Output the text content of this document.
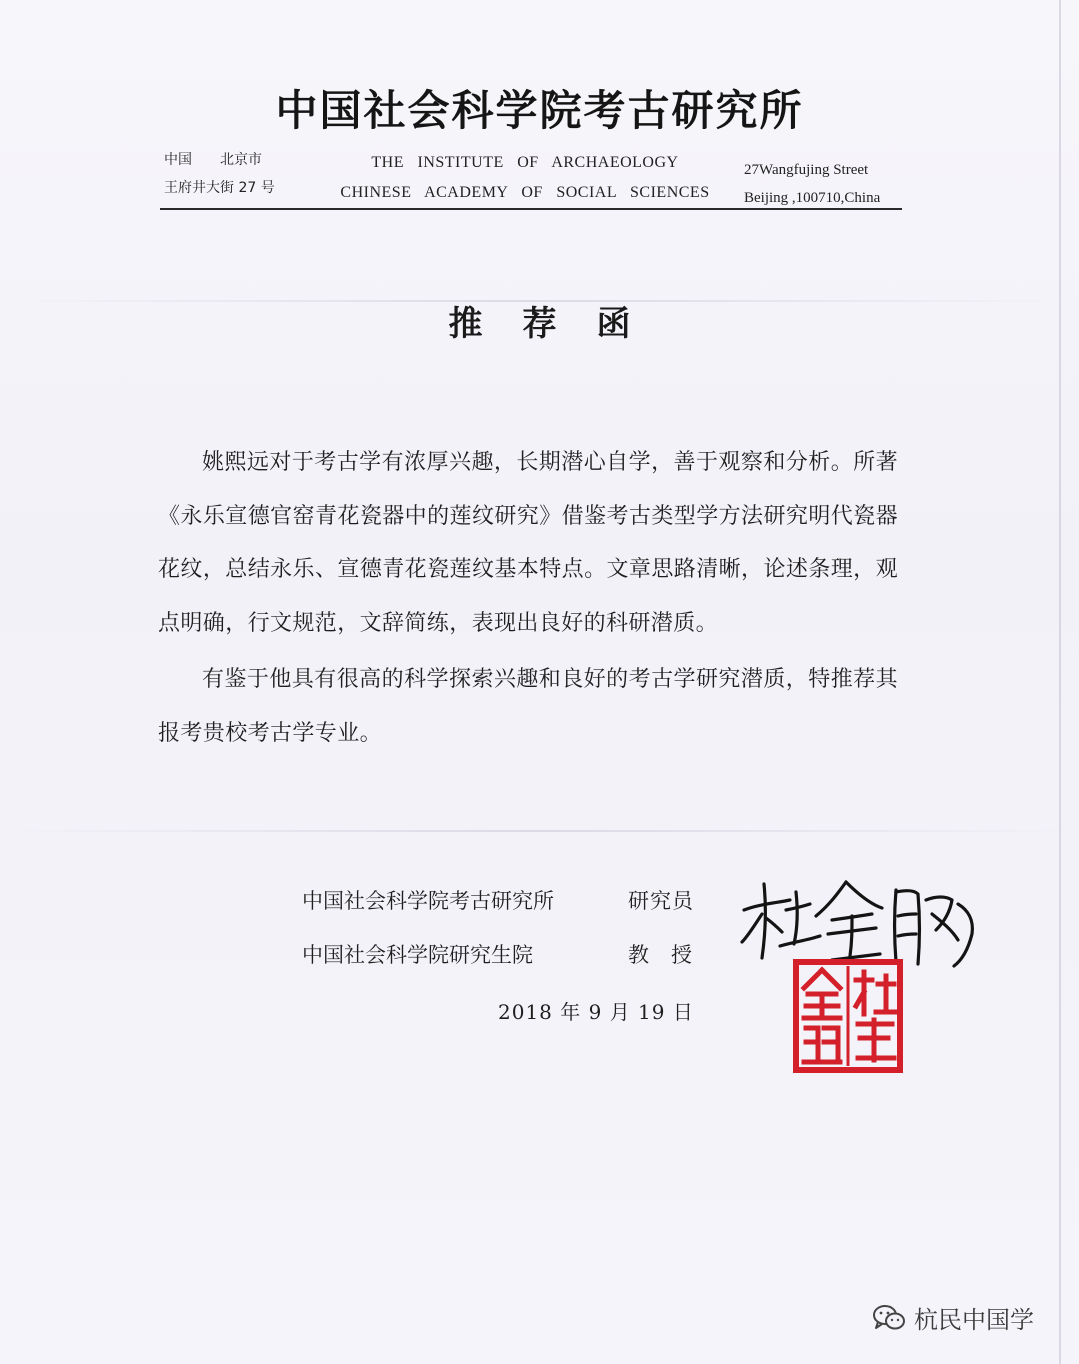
中国社会科学院考古研究所
中国　　北京市
王府井大街 27 号
THE   INSTITUTE   OF   ARCHAEOLOGY
CHINESE   ACADEMY   OF   SOCIAL   SCIENCES
27Wangfujing Street
Beijing ,100710,China
推荐函

姚熙远对于考古学有浓厚兴趣，长期潜心自学，善于观察和分析。所著《永乐宣德官窑青花瓷器中的莲纹研究》借鉴考古类型学方法研究明代瓷器花纹，总结永乐、宣德青花瓷莲纹基本特点。文章思路清晰，论述条理，观点明确，行文规范，文辞简练，表现出良好的科研潜质。

有鉴于他具有很高的科学探索兴趣和良好的考古学研究潜质，特推荐其报考贵校考古学专业。

中国社会科学院考古研究所	研究员
中国社会科学院研究生院	教授
2018 年 9 月 19 日
杭民中国学
